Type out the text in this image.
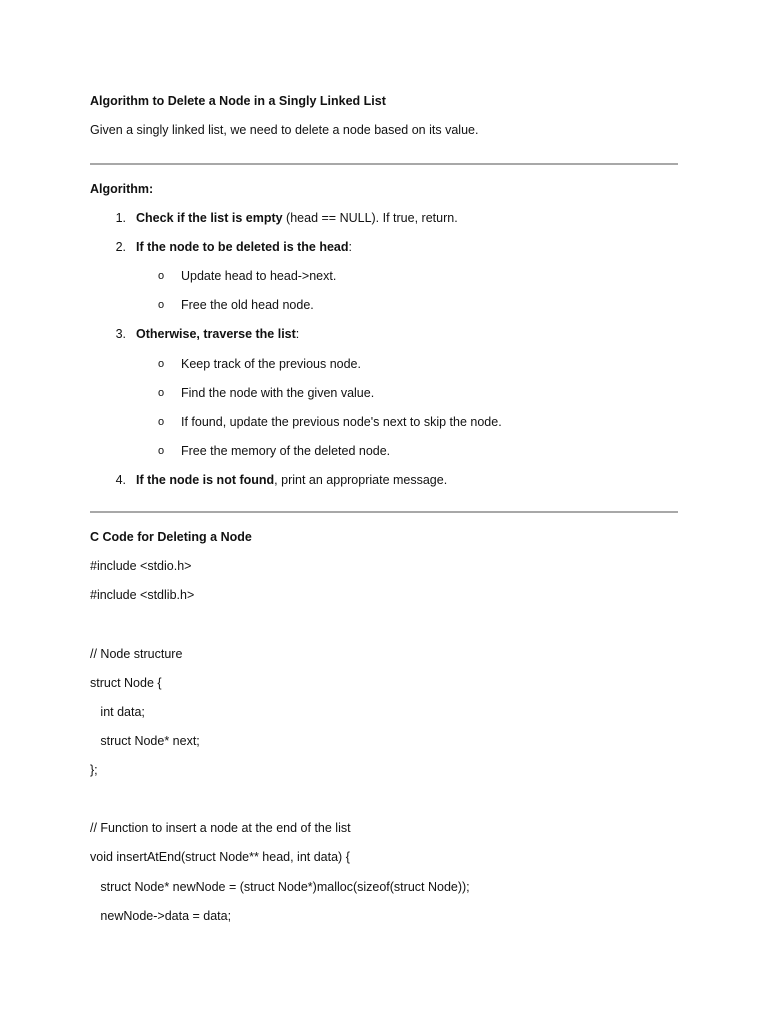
Algorithm to Delete a Node in a Singly Linked List
Given a singly linked list, we need to delete a node based on its value.
Algorithm:
1. Check if the list is empty (head == NULL). If true, return.
2. If the node to be deleted is the head:
o Update head to head->next.
o Free the old head node.
3. Otherwise, traverse the list:
o Keep track of the previous node.
o Find the node with the given value.
o If found, update the previous node's next to skip the node.
o Free the memory of the deleted node.
4. If the node is not found, print an appropriate message.
C Code for Deleting a Node
#include <stdio.h>
#include <stdlib.h>
// Node structure
struct Node {
int data;
struct Node* next;
};
// Function to insert a node at the end of the list
void insertAtEnd(struct Node** head, int data) {
struct Node* newNode = (struct Node*)malloc(sizeof(struct Node));
newNode->data = data;
